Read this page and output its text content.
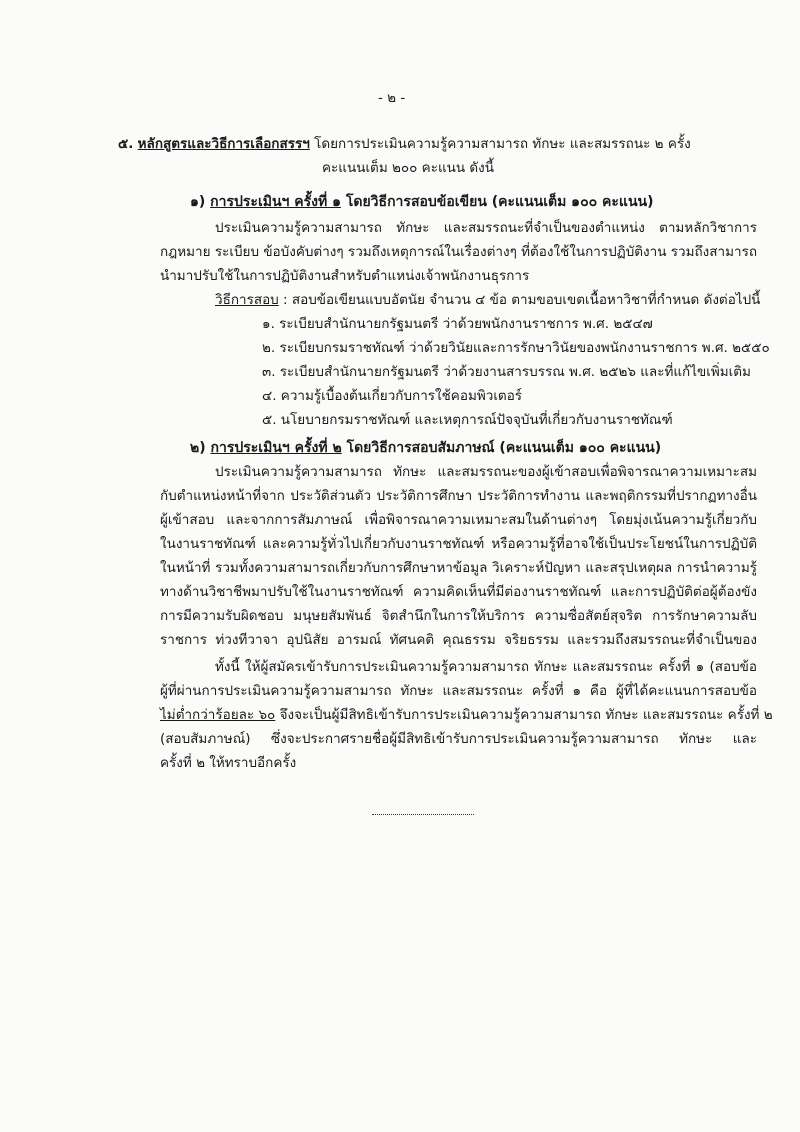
- ๒ -
๕. หลักสูตรและวิธีการเลือกสรรฯ โดยการประเมินความรู้ความสามารถ ทักษะ และสมรรถนะ ๒ ครั้ง
คะแนนเต็ม ๒๐๐ คะแนน ดังนี้
๑) การประเมินฯ ครั้งที่ ๑ โดยวิธีการสอบข้อเขียน (คะแนนเต็ม ๑๐๐ คะแนน)
ประเมินความรู้ความสามารถ ทักษะ และสมรรถนะที่จำเป็นของตำแหน่ง ตามหลักวิชาการ
กฎหมาย ระเบียบ ข้อบังคับต่างๆ รวมถึงเหตุการณ์ในเรื่องต่างๆ ที่ต้องใช้ในการปฏิบัติงาน รวมถึงสามารถ
นำมาปรับใช้ในการปฏิบัติงานสำหรับตำแหน่งเจ้าพนักงานธุรการ
วิธีการสอบ : สอบข้อเขียนแบบอัตนัย จำนวน ๔ ข้อ ตามขอบเขตเนื้อหาวิชาที่กำหนด ดังต่อไปนี้
๑. ระเบียบสำนักนายกรัฐมนตรี ว่าด้วยพนักงานราชการ พ.ศ. ๒๕๔๗
๒. ระเบียบกรมราชทัณฑ์ ว่าด้วยวินัยและการรักษาวินัยของพนักงานราชการ พ.ศ. ๒๕๕๐
๓. ระเบียบสำนักนายกรัฐมนตรี ว่าด้วยงานสารบรรณ พ.ศ. ๒๕๒๖ และที่แก้ไขเพิ่มเติม
๔. ความรู้เบื้องต้นเกี่ยวกับการใช้คอมพิวเตอร์
๕. นโยบายกรมราชทัณฑ์ และเหตุการณ์ปัจจุบันที่เกี่ยวกับงานราชทัณฑ์
๒) การประเมินฯ ครั้งที่ ๒ โดยวิธีการสอบสัมภาษณ์ (คะแนนเต็ม ๑๐๐ คะแนน)
ประเมินความรู้ความสามารถ ทักษะ และสมรรถนะของผู้เข้าสอบเพื่อพิจารณาความเหมาะสม
กับตำแหน่งหน้าที่จาก ประวัติส่วนตัว ประวัติการศึกษา ประวัติการทำงาน และพฤติกรรมที่ปรากฏทางอื่น
ผู้เข้าสอบ และจากการสัมภาษณ์ เพื่อพิจารณาความเหมาะสมในด้านต่างๆ โดยมุ่งเน้นความรู้เกี่ยวกับ
ในงานราชทัณฑ์ และความรู้ทั่วไปเกี่ยวกับงานราชทัณฑ์ หรือความรู้ที่อาจใช้เป็นประโยชน์ในการปฏิบัติ
ในหน้าที่ รวมทั้งความสามารถเกี่ยวกับการศึกษาหาข้อมูล วิเคราะห์ปัญหา และสรุปเหตุผล การนำความรู้
ทางด้านวิชาชีพมาปรับใช้ในงานราชทัณฑ์ ความคิดเห็นที่มีต่องานราชทัณฑ์ และการปฏิบัติต่อผู้ต้องขัง
การมีความรับผิดชอบ มนุษยสัมพันธ์ จิตสำนึกในการให้บริการ ความซื่อสัตย์สุจริต การรักษาความลับ
ราชการ ท่วงทีวาจา อุปนิสัย อารมณ์ ทัศนคติ คุณธรรม จริยธรรม และรวมถึงสมรรถนะที่จำเป็นของ
ทั้งนี้ ให้ผู้สมัครเข้ารับการประเมินความรู้ความสามารถ ทักษะ และสมรรถนะ ครั้งที่ ๑ (สอบข้อ
ผู้ที่ผ่านการประเมินความรู้ความสามารถ ทักษะ และสมรรถนะ ครั้งที่ ๑ คือ ผู้ที่ได้คะแนนการสอบข้อ
ไม่ต่ำกว่าร้อยละ ๖๐ จึงจะเป็นผู้มีสิทธิเข้ารับการประเมินความรู้ความสามารถ ทักษะ และสมรรถนะ ครั้งที่ ๒
(สอบสัมภาษณ์) ซึ่งจะประกาศรายชื่อผู้มีสิทธิเข้ารับการประเมินความรู้ความสามารถ ทักษะ และ
ครั้งที่ ๒ ให้ทราบอีกครั้ง
